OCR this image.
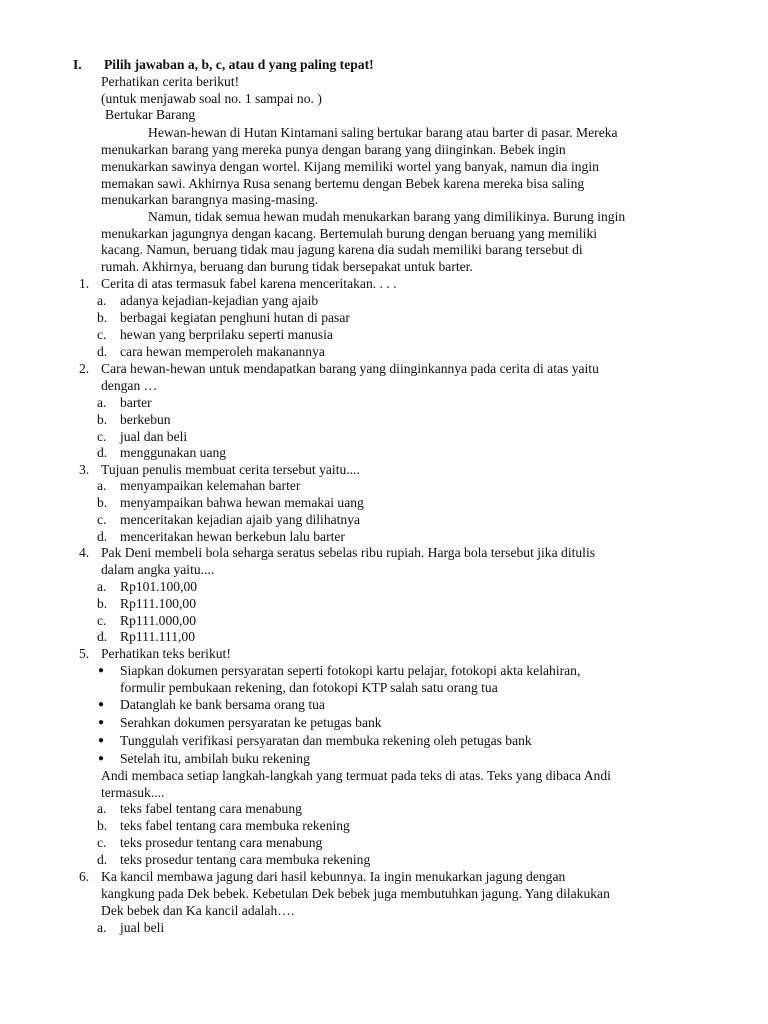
I. Pilih jawaban a, b, c, atau d yang paling tepat!
Perhatikan cerita berikut!
(untuk menjawab soal no. 1 sampai no. )
Bertukar Barang
Hewan-hewan di Hutan Kintamani saling bertukar barang atau barter di pasar. Mereka
menukarkan barang yang mereka punya dengan barang yang diinginkan. Bebek ingin
menukarkan sawinya dengan wortel. Kijang memiliki wortel yang banyak, namun dia ingin
memakan sawi. Akhirnya Rusa senang bertemu dengan Bebek karena mereka bisa saling
menukarkan barangnya masing-masing.
Namun, tidak semua hewan mudah menukarkan barang yang dimilikinya. Burung ingin
menukarkan jagungnya dengan kacang. Bertemulah burung dengan beruang yang memiliki
kacang. Namun, beruang tidak mau jagung karena dia sudah memiliki barang tersebut di
rumah. Akhirnya, beruang dan burung tidak bersepakat untuk barter.
1. Cerita di atas termasuk fabel karena menceritakan. . . .
a. adanya kejadian-kejadian yang ajaib
b. berbagai kegiatan penghuni hutan di pasar
c. hewan yang berprilaku seperti manusia
d. cara hewan memperoleh makanannya
2. Cara hewan-hewan untuk mendapatkan barang yang diinginkannya pada cerita di atas yaitu
dengan …
a. barter
b. berkebun
c. jual dan beli
d. menggunakan uang
3. Tujuan penulis membuat cerita tersebut yaitu....
a. menyampaikan kelemahan barter
b. menyampaikan bahwa hewan memakai uang
c. menceritakan kejadian ajaib yang dilihatnya
d. menceritakan hewan berkebun lalu barter
4. Pak Deni membeli bola seharga seratus sebelas ribu rupiah. Harga bola tersebut jika ditulis
dalam angka yaitu....
a. Rp101.100,00
b. Rp111.100,00
c. Rp111.000,00
d. Rp111.111,00
5. Perhatikan teks berikut!
● Siapkan dokumen persyaratan seperti fotokopi kartu pelajar, fotokopi akta kelahiran,
formulir pembukaan rekening, dan fotokopi KTP salah satu orang tua
● Datanglah ke bank bersama orang tua
● Serahkan dokumen persyaratan ke petugas bank
● Tunggulah verifikasi persyaratan dan membuka rekening oleh petugas bank
● Setelah itu, ambilah buku rekening
Andi membaca setiap langkah-langkah yang termuat pada teks di atas. Teks yang dibaca Andi
termasuk....
a. teks fabel tentang cara menabung
b. teks fabel tentang cara membuka rekening
c. teks prosedur tentang cara menabung
d. teks prosedur tentang cara membuka rekening
6. Ka kancil membawa jagung dari hasil kebunnya. Ia ingin menukarkan jagung dengan
kangkung pada Dek bebek. Kebetulan Dek bebek juga membutuhkan jagung. Yang dilakukan
Dek bebek dan Ka kancil adalah….
a. jual beli
